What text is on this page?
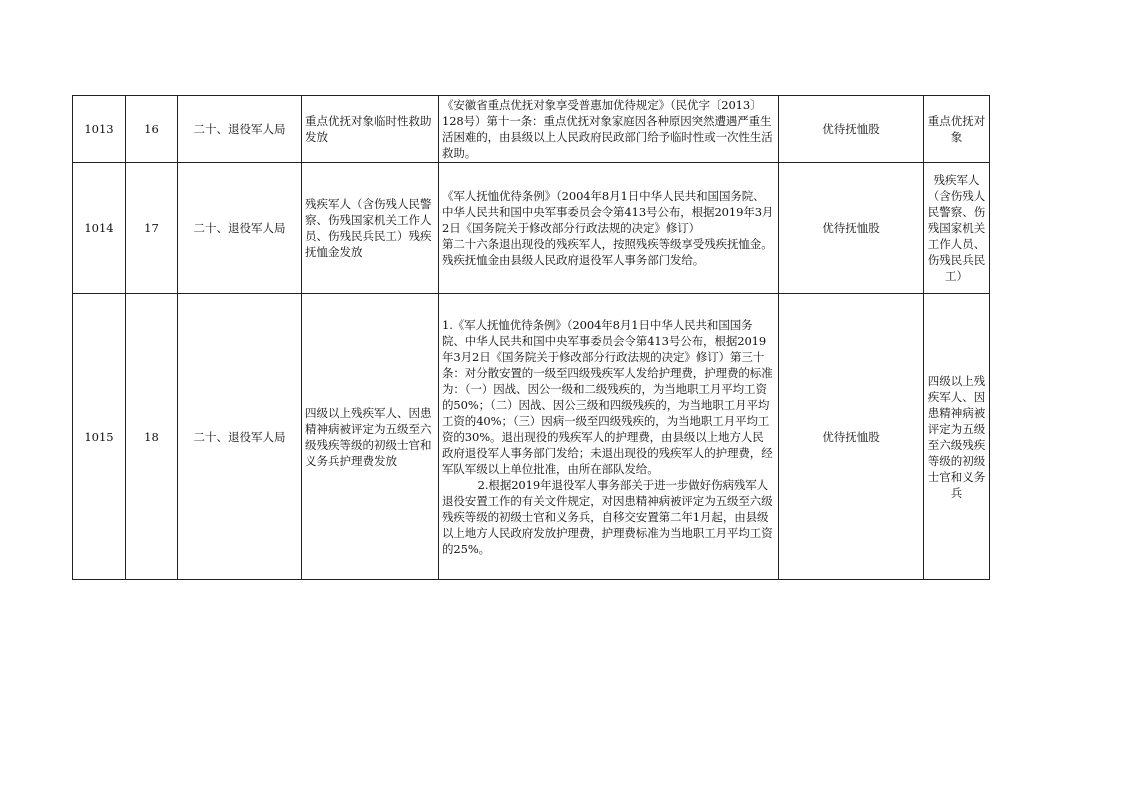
1013	16	二十、退役军人局	重点优抚对象临时性救助发放	《安徽省重点优抚对象享受普惠加优待规定》（民优字〔2013〕128号）第十一条：重点优抚对象家庭因各种原因突然遭遇严重生活困难的，由县级以上人民政府民政部门给予临时性或一次性生活救助。	优待抚恤股	重点优抚对象
1014	17	二十、退役军人局	残疾军人（含伤残人民警察、伤残国家机关工作人员、伤残民兵民工）残疾抚恤金发放	《军人抚恤优待条例》（2004年8月1日中华人民共和国国务院、中华人民共和国中央军事委员会令第413号公布，根据2019年3月2日《国务院关于修改部分行政法规的决定》修订）
第二十六条退出现役的残疾军人，按照残疾等级享受残疾抚恤金。残疾抚恤金由县级人民政府退役军人事务部门发给。	优待抚恤股	残疾军人（含伤残人民警察、伤残国家机关工作人员、伤残民兵民工）
1015	18	二十、退役军人局	四级以上残疾军人、因患精神病被评定为五级至六级残疾等级的初级士官和义务兵护理费发放	1.《军人抚恤优待条例》（2004年8月1日中华人民共和国国务院、中华人民共和国中央军事委员会令第413号公布，根据2019年3月2日《国务院关于修改部分行政法规的决定》修订）第三十条：对分散安置的一级至四级残疾军人发给护理费，护理费的标准为：（一）因战、因公一级和二级残疾的，为当地职工月平均工资的50%；（二）因战、因公三级和四级残疾的，为当地职工月平均工资的40%；（三）因病一级至四级残疾的，为当地职工月平均工资的30%。退出现役的残疾军人的护理费，由县级以上地方人民政府退役军人事务部门发给；未退出现役的残疾军人的护理费，经军队军级以上单位批准，由所在部队发给。
2.根据2019年退役军人事务部关于进一步做好伤病残军人退役安置工作的有关文件规定，对因患精神病被评定为五级至六级残疾等级的初级士官和义务兵，自移交安置第二年1月起，由县级以上地方人民政府发放护理费，护理费标准为当地职工月平均工资的25%。	优待抚恤股	四级以上残疾军人、因患精神病被评定为五级至六级残疾等级的初级士官和义务兵
